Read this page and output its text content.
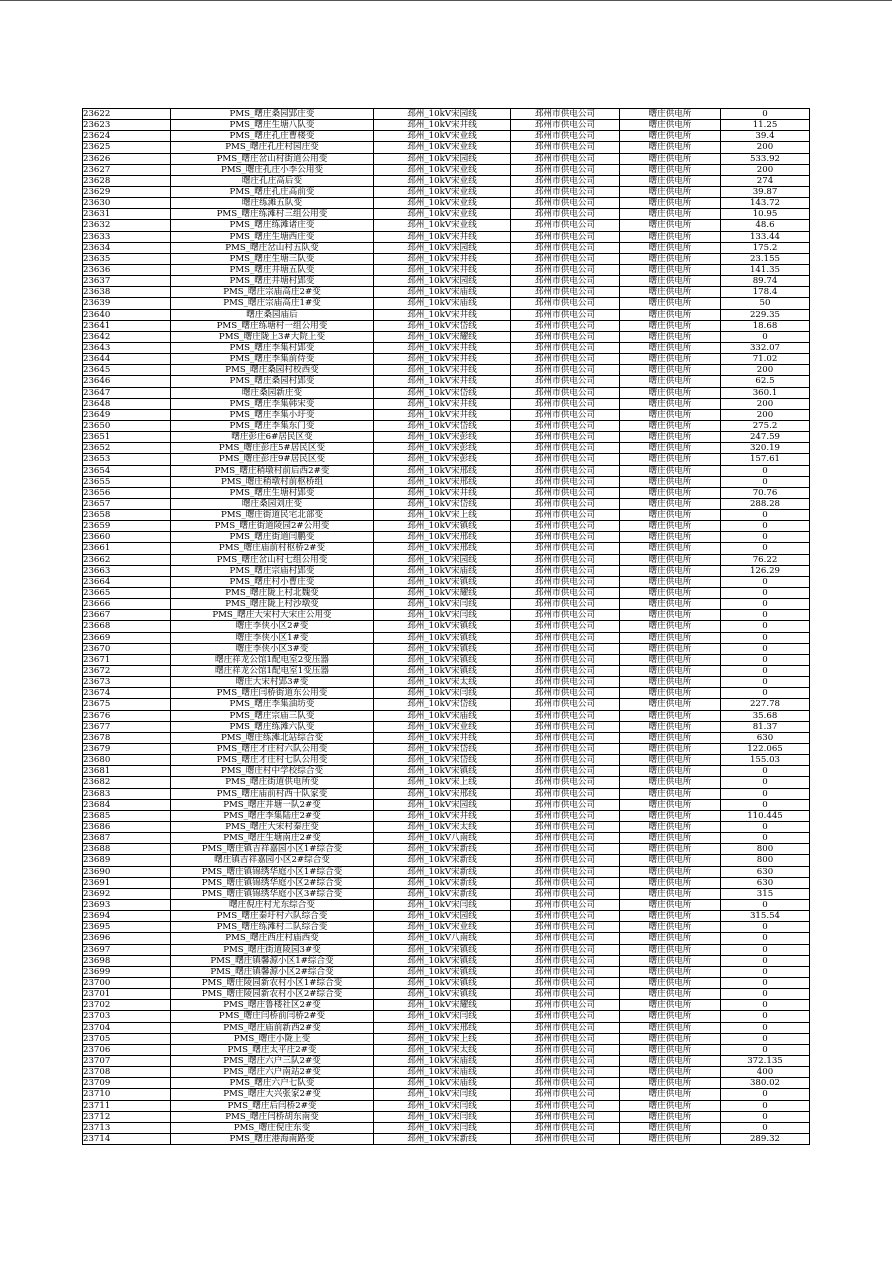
23622	PMS_曙庄桑园郢庄变	邳州_10kV宋园线	邳州市供电公司	曙庄供电所	0
23623	PMS_曙庄生塘八队变	邳州_10kV宋井线	邳州市供电公司	曙庄供电所	11.25
23624	PMS_曙庄孔庄曹楼变	邳州_10kV宋业线	邳州市供电公司	曙庄供电所	39.4
23625	PMS_曙庄孔庄村园庄变	邳州_10kV宋业线	邳州市供电公司	曙庄供电所	200
23626	PMS_曙庄岔山村街道公用变	邳州_10kV宋园线	邳州市供电公司	曙庄供电所	533.92
23627	PMS_曙庄孔庄小李公用变	邳州_10kV宋业线	邳州市供电公司	曙庄供电所	200
23628	曙庄孔庄高后变	邳州_10kV宋业线	邳州市供电公司	曙庄供电所	274
23629	PMS_曙庄孔庄高前变	邳州_10kV宋业线	邳州市供电公司	曙庄供电所	39.87
23630	曙庄练滩五队变	邳州_10kV宋业线	邳州市供电公司	曙庄供电所	143.72
23631	PMS_曙庄练滩村三组公用变	邳州_10kV宋业线	邳州市供电公司	曙庄供电所	10.95
23632	PMS_曙庄练滩诸庄变	邳州_10kV宋业线	邳州市供电公司	曙庄供电所	48.6
23633	PMS_曙庄生塘西庄变	邳州_10kV宋井线	邳州市供电公司	曙庄供电所	133.44
23634	PMS_曙庄岔山村五队变	邳州_10kV宋园线	邳州市供电公司	曙庄供电所	175.2
23635	PMS_曙庄生塘三队变	邳州_10kV宋井线	邳州市供电公司	曙庄供电所	23.155
23636	PMS_曙庄井塘五队变	邳州_10kV宋井线	邳州市供电公司	曙庄供电所	141.35
23637	PMS_曙庄井塘村郢变	邳州_10kV宋园线	邳州市供电公司	曙庄供电所	89.74
23638	PMS_曙庄宗庙高庄2#变	邳州_10kV宋庙线	邳州市供电公司	曙庄供电所	178.4
23639	PMS_曙庄宗庙高庄1#变	邳州_10kV宋庙线	邳州市供电公司	曙庄供电所	50
23640	曙庄桑园庙后	邳州_10kV宋井线	邳州市供电公司	曙庄供电所	229.35
23641	PMS_曙庄练塘村一组公用变	邳州_10kV宋岱线	邳州市供电公司	曙庄供电所	18.68
23642	PMS_曙庄陇上3#大院上变	邳州_10kV宋耀线	邳州市供电公司	曙庄供电所	0
23643	PMS_曙庄李集村郢变	邳州_10kV宋井线	邳州市供电公司	曙庄供电所	332.07
23644	PMS_曙庄李集前侍变	邳州_10kV宋井线	邳州市供电公司	曙庄供电所	71.02
23645	PMS_曙庄桑园村校西变	邳州_10kV宋井线	邳州市供电公司	曙庄供电所	200
23646	PMS_曙庄桑园村郢变	邳州_10kV宋井线	邳州市供电公司	曙庄供电所	62.5
23647	曙庄桑园新庄变	邳州_10kV宋岱线	邳州市供电公司	曙庄供电所	360.1
23648	PMS_曙庄李集韩宋变	邳州_10kV宋井线	邳州市供电公司	曙庄供电所	200
23649	PMS_曙庄李集小圩变	邳州_10kV宋井线	邳州市供电公司	曙庄供电所	200
23650	PMS_曙庄李集东门变	邳州_10kV宋岱线	邳州市供电公司	曙庄供电所	275.2
23651	曙庄彭庄6#居民区变	邳州_10kV宋彭线	邳州市供电公司	曙庄供电所	247.59
23652	PMS_曙庄彭庄5#居民区变	邳州_10kV宋彭线	邳州市供电公司	曙庄供电所	320.19
23653	PMS_曙庄彭庄9#居民区变	邳州_10kV宋彭线	邳州市供电公司	曙庄供电所	157.61
23654	PMS_曙庄稍墩村前后西2#变	邳州_10kV宋邢线	邳州市供电公司	曙庄供电所	0
23655	PMS_曙庄稍墩村前枢桥组	邳州_10kV宋邢线	邳州市供电公司	曙庄供电所	0
23656	PMS_曙庄生塘村郢变	邳州_10kV宋井线	邳州市供电公司	曙庄供电所	70.76
23657	曙庄桑园刘庄变	邳州_10kV宋岱线	邳州市供电公司	曙庄供电所	288.28
23658	PMS_曙庄街道民宅北部变	邳州_10kV宋上线	邳州市供电公司	曙庄供电所	0
23659	PMS_曙庄街道陵园2#公用变	邳州_10kV宋镇线	邳州市供电公司	曙庄供电所	0
23660	PMS_曙庄街道闫鹏变	邳州_10kV宋邢线	邳州市供电公司	曙庄供电所	0
23661	PMS_曙庄庙前村枢桥2#变	邳州_10kV宋邢线	邳州市供电公司	曙庄供电所	0
23662	PMS_曙庄岔山村七组公用变	邳州_10kV宋园线	邳州市供电公司	曙庄供电所	76.22
23663	PMS_曙庄宗庙村郢变	邳州_10kV宋庙线	邳州市供电公司	曙庄供电所	126.29
23664	PMS_曙庄村小曹庄变	邳州_10kV宋镇线	邳州市供电公司	曙庄供电所	0
23665	PMS_曙庄陇上村北魏变	邳州_10kV宋耀线	邳州市供电公司	曙庄供电所	0
23666	PMS_曙庄陇上村沙墩变	邳州_10kV宋闫线	邳州市供电公司	曙庄供电所	0
23667	PMS_曙庄大宋村大宋庄公用变	邳州_10kV宋闫线	邳州市供电公司	曙庄供电所	0
23668	曙庄李侠小区2#变	邳州_10kV宋镇线	邳州市供电公司	曙庄供电所	0
23669	曙庄李侠小区1#变	邳州_10kV宋镇线	邳州市供电公司	曙庄供电所	0
23670	曙庄李侠小区3#变	邳州_10kV宋镇线	邳州市供电公司	曙庄供电所	0
23671	曙庄祥龙公馆1配电室2变压器	邳州_10kV宋镇线	邳州市供电公司	曙庄供电所	0
23672	曙庄祥龙公馆1配电室1变压器	邳州_10kV宋镇线	邳州市供电公司	曙庄供电所	0
23673	曙庄大宋村郢3#变	邳州_10kV宋太线	邳州市供电公司	曙庄供电所	0
23674	PMS_曙庄闫桥街道东公用变	邳州_10kV宋闫线	邳州市供电公司	曙庄供电所	0
23675	PMS_曙庄李集油坊变	邳州_10kV宋岱线	邳州市供电公司	曙庄供电所	227.78
23676	PMS_曙庄宗庙三队变	邳州_10kV宋庙线	邳州市供电公司	曙庄供电所	35.68
23677	PMS_曙庄练滩六队变	邳州_10kV宋业线	邳州市供电公司	曙庄供电所	81.37
23678	PMS_曙庄练滩北站综合变	邳州_10kV宋井线	邳州市供电公司	曙庄供电所	630
23679	PMS_曙庄才庄村六队公用变	邳州_10kV宋岱线	邳州市供电公司	曙庄供电所	122.065
23680	PMS_曙庄才庄村七队公用变	邳州_10kV宋岱线	邳州市供电公司	曙庄供电所	155.03
23681	PMS_曙庄村中学校综合变	邳州_10kV宋镇线	邳州市供电公司	曙庄供电所	0
23682	PMS_曙庄街道供电所变	邳州_10kV宋上线	邳州市供电公司	曙庄供电所	0
23683	PMS_曙庄庙前村西十队家变	邳州_10kV宋邢线	邳州市供电公司	曙庄供电所	0
23684	PMS_曙庄井塘一队2#变	邳州_10kV宋园线	邳州市供电公司	曙庄供电所	0
23685	PMS_曙庄李集陆庄2#变	邳州_10kV宋井线	邳州市供电公司	曙庄供电所	110.445
23686	PMS_曙庄大宋村秦庄变	邳州_10kV宋太线	邳州市供电公司	曙庄供电所	0
23687	PMS_曙庄生塘南庄2#变	邳州_10kV八南线	邳州市供电公司	曙庄供电所	0
23688	PMS_曙庄镇吉祥嘉园小区1#综合变	邳州_10kV宋新线	邳州市供电公司	曙庄供电所	800
23689	曙庄镇吉祥嘉园小区2#综合变	邳州_10kV宋新线	邳州市供电公司	曙庄供电所	800
23690	PMS_曙庄镇锦绣华庭小区1#综合变	邳州_10kV宋新线	邳州市供电公司	曙庄供电所	630
23691	PMS_曙庄镇锦绣华庭小区2#综合变	邳州_10kV宋新线	邳州市供电公司	曙庄供电所	630
23692	PMS_曙庄镇锦绣华庭小区3#综合变	邳州_10kV宋新线	邳州市供电公司	曙庄供电所	315
23693	曙庄倪庄村尤东综合变	邳州_10kV宋闫线	邳州市供电公司	曙庄供电所	0
23694	PMS_曙庄秦圩村六队综合变	邳州_10kV宋园线	邳州市供电公司	曙庄供电所	315.54
23695	PMS_曙庄练滩村二队综合变	邳州_10kV宋业线	邳州市供电公司	曙庄供电所	0
23696	PMS_曙庄西庄村庙西变	邳州_10kV八南线	邳州市供电公司	曙庄供电所	0
23697	PMS_曙庄街道陵园3#变	邳州_10kV宋镇线	邳州市供电公司	曙庄供电所	0
23698	PMS_曙庄镇馨源小区1#综合变	邳州_10kV宋镇线	邳州市供电公司	曙庄供电所	0
23699	PMS_曙庄镇馨源小区2#综合变	邳州_10kV宋镇线	邳州市供电公司	曙庄供电所	0
23700	PMS_曙庄陵园新农村小区1#综合变	邳州_10kV宋镇线	邳州市供电公司	曙庄供电所	0
23701	PMS_曙庄陵园新农村小区2#综合变	邳州_10kV宋镇线	邳州市供电公司	曙庄供电所	0
23702	PMS_曙庄鲁楼社区2#变	邳州_10kV宋耀线	邳州市供电公司	曙庄供电所	0
23703	PMS_曙庄闫桥前闫桥2#变	邳州_10kV宋闫线	邳州市供电公司	曙庄供电所	0
23704	PMS_曙庄庙前新西2#变	邳州_10kV宋邢线	邳州市供电公司	曙庄供电所	0
23705	PMS_曙庄小陇上变	邳州_10kV宋上线	邳州市供电公司	曙庄供电所	0
23706	PMS_曙庄太平庄2#变	邳州_10kV宋太线	邳州市供电公司	曙庄供电所	0
23707	PMS_曙庄六户三队2#变	邳州_10kV宋庙线	邳州市供电公司	曙庄供电所	372.135
23708	PMS_曙庄六户南站2#变	邳州_10kV宋庙线	邳州市供电公司	曙庄供电所	400
23709	PMS_曙庄六户七队变	邳州_10kV宋庙线	邳州市供电公司	曙庄供电所	380.02
23710	PMS_曙庄大兴张家2#变	邳州_10kV宋闫线	邳州市供电公司	曙庄供电所	0
23711	PMS_曙庄后闫桥2#变	邳州_10kV宋闫线	邳州市供电公司	曙庄供电所	0
23712	PMS_曙庄闫桥胡东南变	邳州_10kV宋闫线	邳州市供电公司	曙庄供电所	0
23713	PMS_曙庄倪庄东变	邳州_10kV宋闫线	邳州市供电公司	曙庄供电所	0
23714	PMS_曙庄港海南路变	邳州_10kV宋新线	邳州市供电公司	曙庄供电所	289.32
